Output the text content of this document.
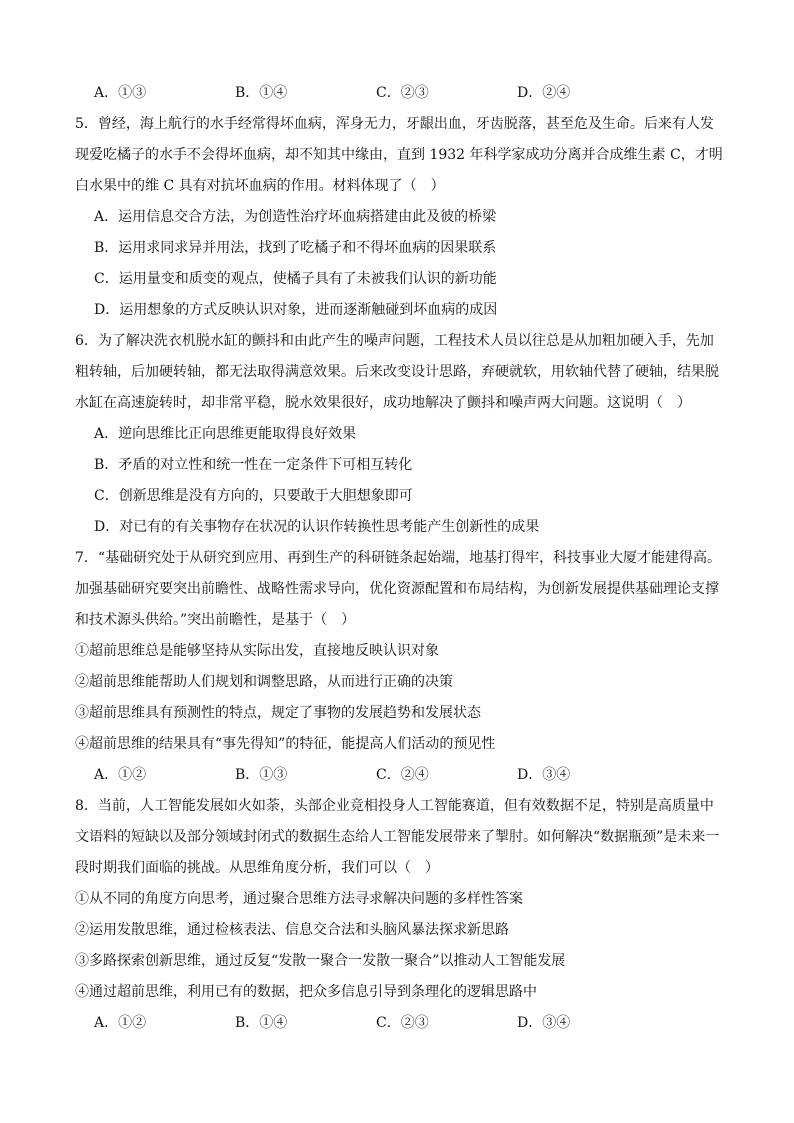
A．①③	B．①④	C．②③	D．②④
5．曾经，海上航行的水手经常得坏血病，浑身无力，牙龈出血，牙齿脱落，甚至危及生命。后来有人发
现爱吃橘子的水手不会得坏血病，却不知其中缘由，直到 1932 年科学家成功分离并合成维生素 C，才明
白水果中的维 C 具有对抗坏血病的作用。材料体现了（　）
A．运用信息交合方法，为创造性治疗坏血病搭建由此及彼的桥梁
B．运用求同求异并用法，找到了吃橘子和不得坏血病的因果联系
C．运用量变和质变的观点，使橘子具有了未被我们认识的新功能
D．运用想象的方式反映认识对象，进而逐渐触碰到坏血病的成因
6．为了解决洗衣机脱水缸的颤抖和由此产生的噪声问题，工程技术人员以往总是从加粗加硬入手，先加
粗转轴，后加硬转轴，都无法取得满意效果。后来改变设计思路，弃硬就软，用软轴代替了硬轴，结果脱
水缸在高速旋转时，却非常平稳，脱水效果很好，成功地解决了颤抖和噪声两大问题。这说明（　）
A．逆向思维比正向思维更能取得良好效果
B．矛盾的对立性和统一性在一定条件下可相互转化
C．创新思维是没有方向的，只要敢于大胆想象即可
D．对已有的有关事物存在状况的认识作转换性思考能产生创新性的成果
7．“基础研究处于从研究到应用、再到生产的科研链条起始端，地基打得牢，科技事业大厦才能建得高。
加强基础研究要突出前瞻性、战略性需求导向，优化资源配置和布局结构，为创新发展提供基础理论支撑
和技术源头供给。”突出前瞻性，是基于（　）
①超前思维总是能够坚持从实际出发，直接地反映认识对象
②超前思维能帮助人们规划和调整思路，从而进行正确的决策
③超前思维具有预测性的特点，规定了事物的发展趋势和发展状态
④超前思维的结果具有“事先得知”的特征，能提高人们活动的预见性
A．①②	B．①③	C．②④	D．③④
8．当前，人工智能发展如火如荼，头部企业竞相投身人工智能赛道，但有效数据不足，特别是高质量中
文语料的短缺以及部分领域封闭式的数据生态给人工智能发展带来了掣肘。如何解决“数据瓶颈”是未来一
段时期我们面临的挑战。从思维角度分析，我们可以（　）
①从不同的角度方向思考，通过聚合思维方法寻求解决问题的多样性答案
②运用发散思维，通过检核表法、信息交合法和头脑风暴法探求新思路
③多路探索创新思维，通过反复“发散一聚合一发散一聚合”以推动人工智能发展
④通过超前思维，利用已有的数据，把众多信息引导到条理化的逻辑思路中
A．①②	B．①④	C．②③	D．③④
